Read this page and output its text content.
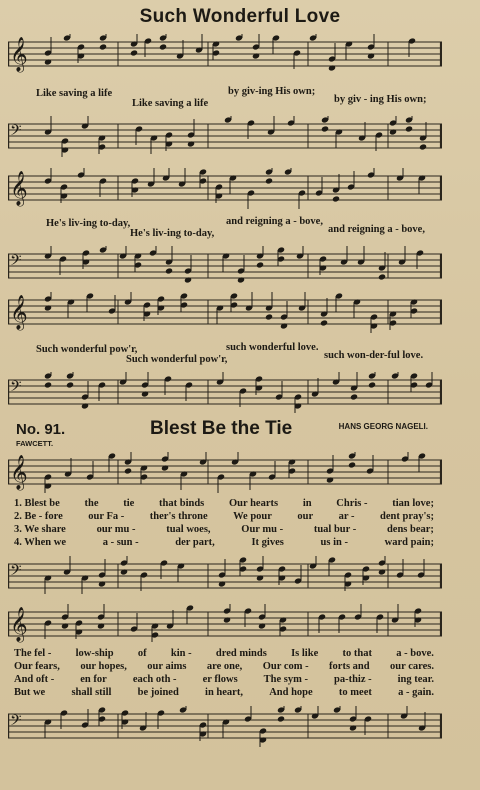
Such Wonderful Love
𝄞
Like saving a life
Like saving a life
by giv-ing His own;
by giv - ing His own;
𝄢
𝄞
He's liv-ing to-day,
He's liv-ing to-day,
and reigning a - bove,
and reigning a - bove,
𝄢
𝄞
Such wonderful pow'r,
Such wonderful pow'r,
such wonderful love.
such won-der-ful love.
𝄢
No. 91.	Blest Be the Tie
FAWCETT.
HANS GEORG NAGELI.
𝄞
1. Blest be the tie that binds Our hearts in Chris - tian love;
2. Be - fore our Fa - ther's throne We pour our ar - dent pray's;
3. We share	our mu -	tual woes,	Our mu -	tual bur -	dens bear;
4. When we	a - sun -	der part,	It gives	us in -	ward pain;
𝄢
𝄞
The fel - low-ship of kin - dred minds Is like to that a - bove.
Our fears, our hopes, our aims are one, Our com - forts and our cares.
And oft - en for each oth - er flows The sym - pa-thiz - ing tear.
But we shall still be joined in heart, And hope to meet a - gain.
𝄢
